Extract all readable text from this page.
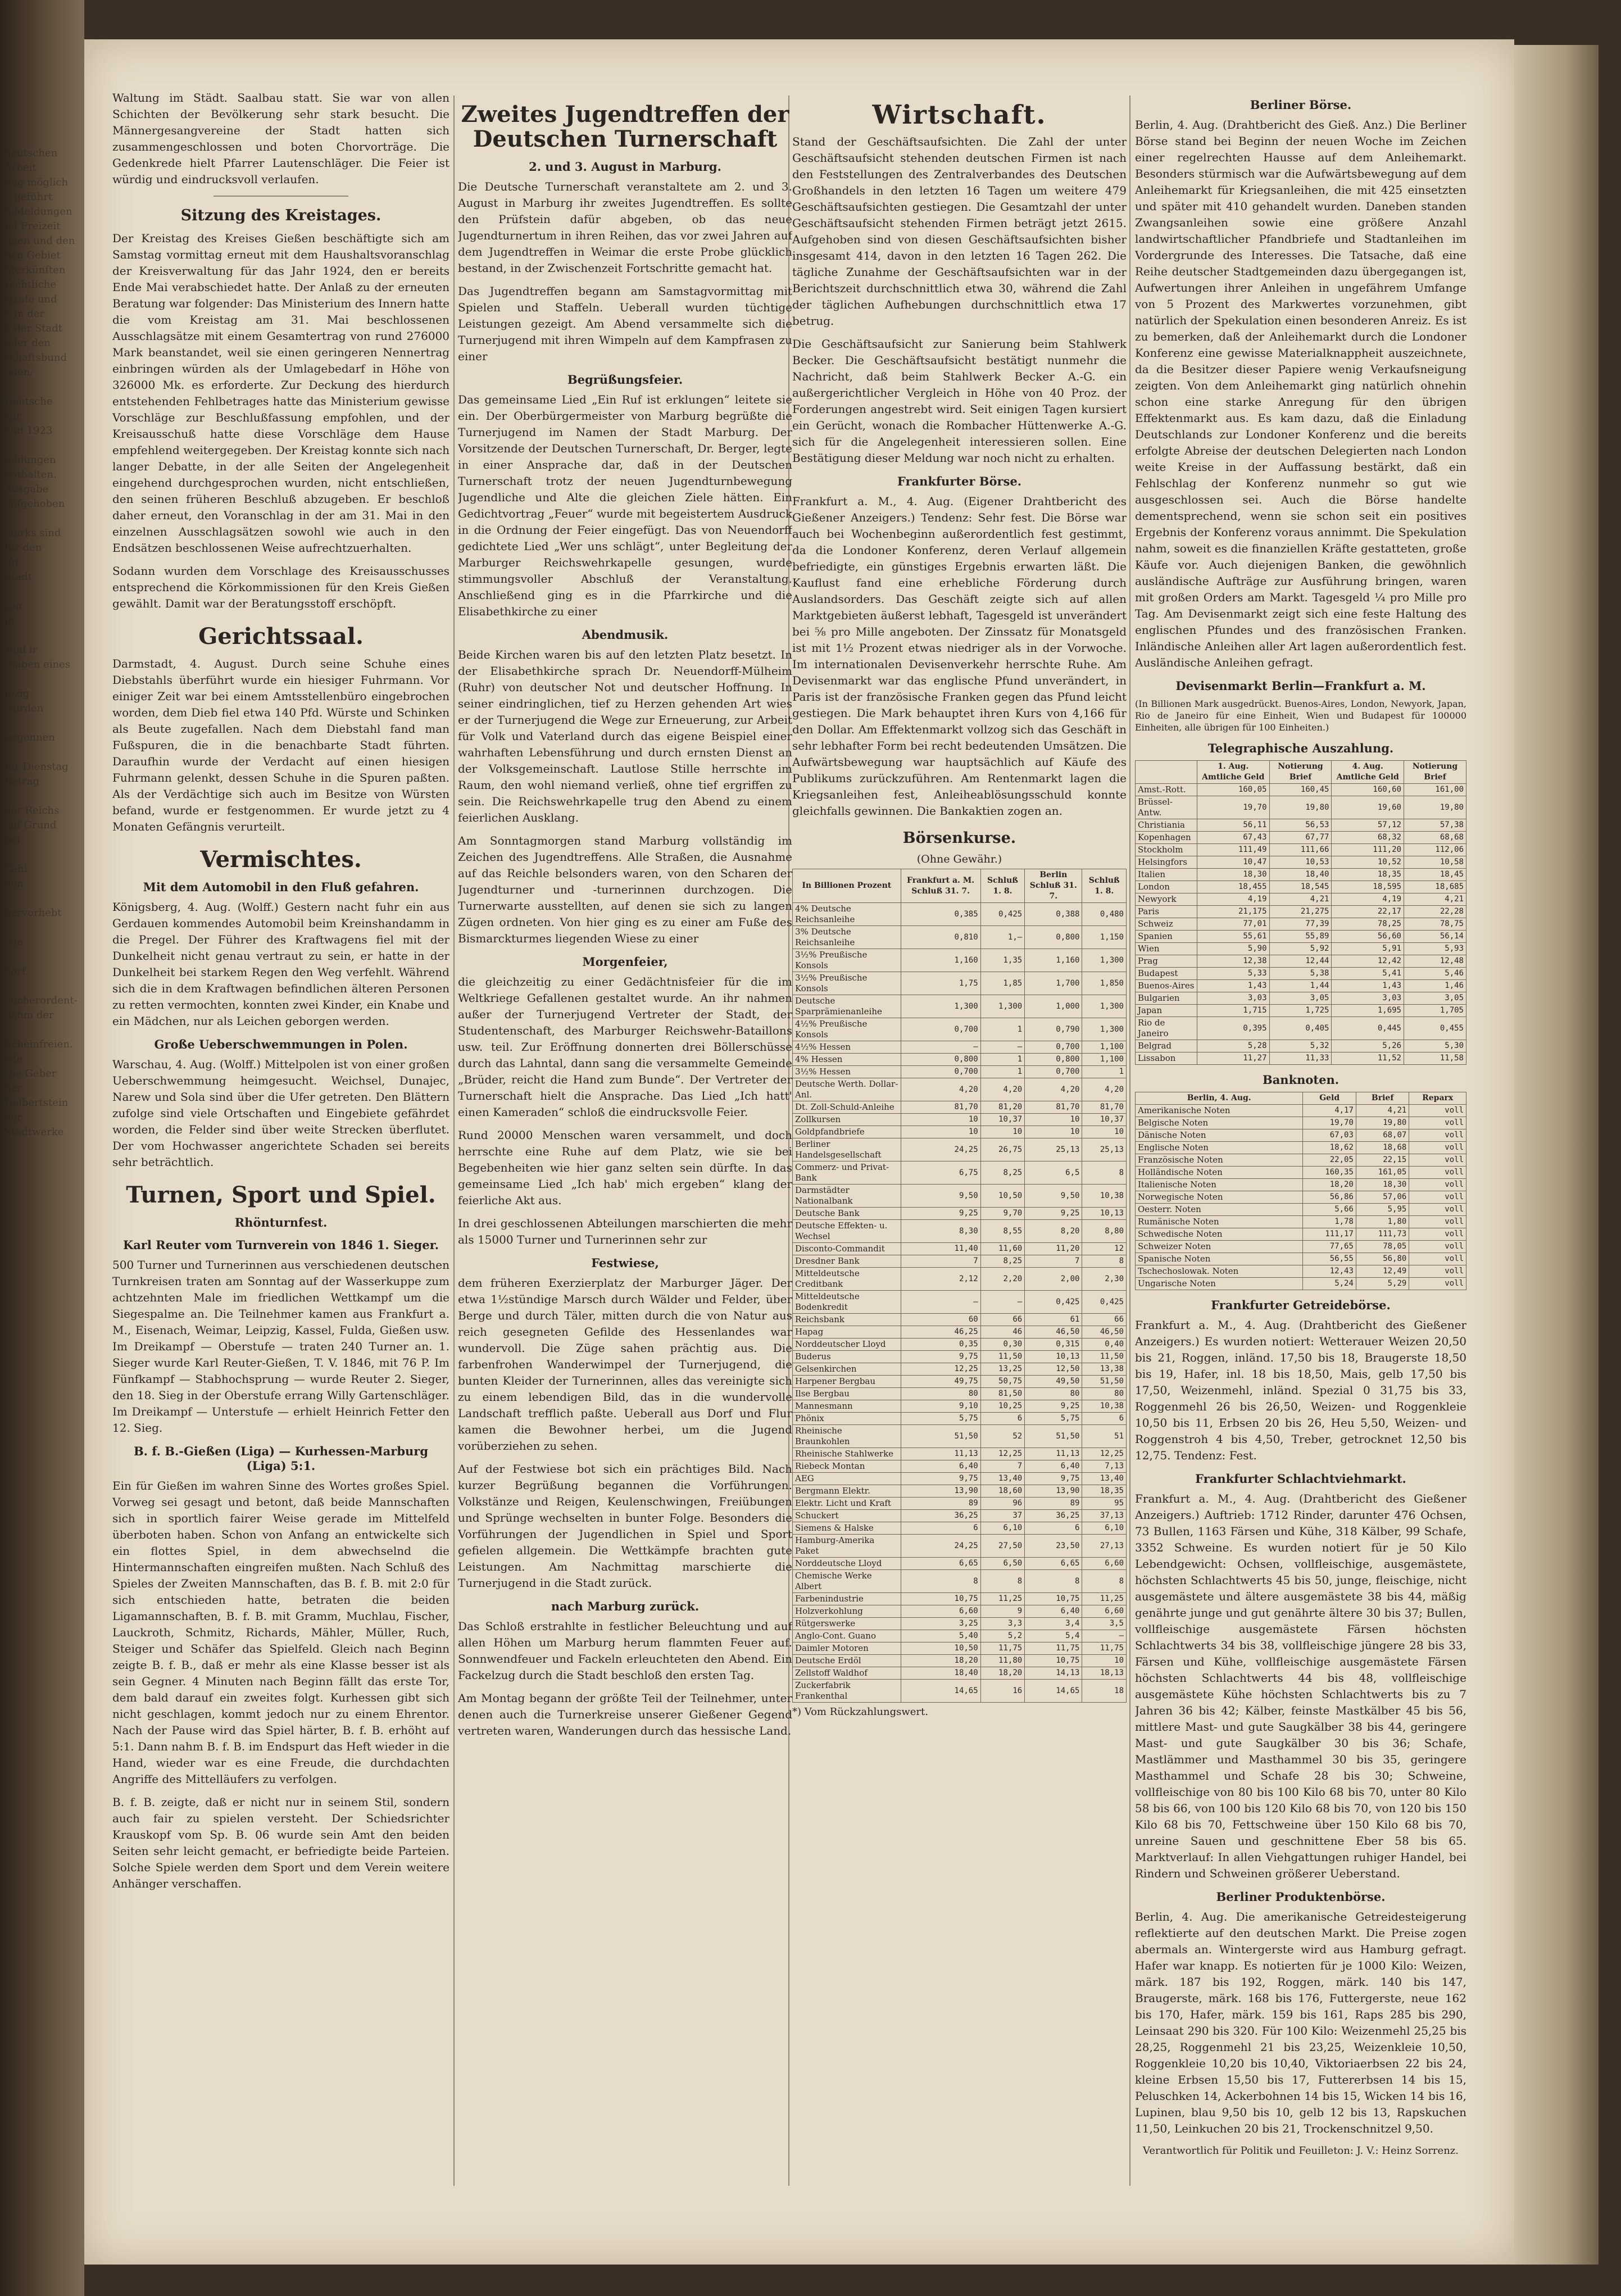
deutschen Arbeit
ung möglich
n geführt
d Meldungen
nd Freizeit
nnen und den
nen Gebiet
nterkünften
rechtliche
strafe und
n in der
n der Stadt
nder den
schaftsbund
nden.

Deutsche
zur
and 1923

feldungen
enthalten.
Ausgabe
aufgehoben

marks sind
für den
für
Stadt

sen
in

sind ir
thaben eines

inzig
wurden

begonnen

für Dienstag
Betrag

der Reichs
auf Grund
bei

Zahl
den

hervorhebt

age

dorf

aucherordent-
nahm der

Scheinfreien.
wie
Die Geber
der Delbertstein
der Stadtwerke

Waltung im Städt. Saalbau statt. Sie war von allen Schichten der Bevölkerung sehr stark besucht. Die Männergesangvereine der Stadt hatten sich zusammengeschlossen und boten Chorvorträge. Die Gedenkrede hielt Pfarrer Lautenschläger. Die Feier ist würdig und eindrucksvoll verlaufen.

Sitzung des Kreistages.

Der Kreistag des Kreises Gießen beschäftigte sich am Samstag vormittag erneut mit dem Haushaltsvoranschlag der Kreisverwaltung für das Jahr 1924, den er bereits Ende Mai verabschiedet hatte. Der Anlaß zu der erneuten Beratung war folgender: Das Ministerium des Innern hatte die vom Kreistag am 31. Mai beschlossenen Ausschlagsätze mit einem Gesamtertrag von rund 276000 Mark beanstandet, weil sie einen geringeren Nennertrag einbringen würden als der Umlagebedarf in Höhe von 326000 Mk. es erforderte. Zur Deckung des hierdurch entstehenden Fehlbetrages hatte das Ministerium gewisse Vorschläge zur Beschlußfassung empfohlen, und der Kreisausschuß hatte diese Vorschläge dem Hause empfehlend weitergegeben. Der Kreistag konnte sich nach langer Debatte, in der alle Seiten der Angelegenheit eingehend durchgesprochen wurden, nicht entschließen, den seinen früheren Beschluß abzugeben. Er beschloß daher erneut, den Voranschlag in der am 31. Mai in den einzelnen Ausschlagsätzen sowohl wie auch in den Endsätzen beschlossenen Weise aufrechtzuerhalten.

Sodann wurden dem Vorschlage des Kreisausschusses entsprechend die Körkommissionen für den Kreis Gießen gewählt. Damit war der Beratungsstoff erschöpft.

Gerichtssaal.

Darmstadt, 4. August. Durch seine Schuhe eines Diebstahls überführt wurde ein hiesiger Fuhrmann. Vor einiger Zeit war bei einem Amtsstellenbüro eingebrochen worden, dem Dieb fiel etwa 140 Pfd. Würste und Schinken als Beute zugefallen. Nach dem Diebstahl fand man Fußspuren, die in die benachbarte Stadt führten. Daraufhin wurde der Verdacht auf einen hiesigen Fuhrmann gelenkt, dessen Schuhe in die Spuren paßten. Als der Verdächtige sich auch im Besitze von Würsten befand, wurde er festgenommen. Er wurde jetzt zu 4 Monaten Gefängnis verurteilt.

Vermischtes.
Mit dem Automobil in den Fluß gefahren.

Königsberg, 4. Aug. (Wolff.) Gestern nacht fuhr ein aus Gerdauen kommendes Automobil beim Kreinshandamm in die Pregel. Der Führer des Kraftwagens fiel mit der Dunkelheit nicht genau vertraut zu sein, er hatte in der Dunkelheit bei starkem Regen den Weg verfehlt. Während sich die in dem Kraftwagen befindlichen älteren Personen zu retten vermochten, konnten zwei Kinder, ein Knabe und ein Mädchen, nur als Leichen geborgen werden.

Große Ueberschwemmungen in Polen.

Warschau, 4. Aug. (Wolff.) Mittelpolen ist von einer großen Ueberschwemmung heimgesucht. Weichsel, Dunajec, Narew und Sola sind über die Ufer getreten. Den Blättern zufolge sind viele Ortschaften und Eingebiete gefährdet worden, die Felder sind über weite Strecken überflutet. Der vom Hochwasser angerichtete Schaden sei bereits sehr beträchtlich.

Turnen, Sport und Spiel.
Rhönturnfest.
Karl Reuter vom Turnverein von 1846 1. Sieger.

500 Turner und Turnerinnen aus verschiedenen deutschen Turnkreisen traten am Sonntag auf der Wasserkuppe zum achtzehnten Male im friedlichen Wettkampf um die Siegespalme an. Die Teilnehmer kamen aus Frankfurt a. M., Eisenach, Weimar, Leipzig, Kassel, Fulda, Gießen usw. Im Dreikampf — Oberstufe — traten 240 Turner an. 1. Sieger wurde Karl Reuter-Gießen, T. V. 1846, mit 76 P. Im Fünfkampf — Stabhochsprung — wurde Reuter 2. Sieger, den 18. Sieg in der Oberstufe errang Willy Gartenschläger. Im Dreikampf — Unterstufe — erhielt Heinrich Fetter den 12. Sieg.

B. f. B.-Gießen (Liga) — Kurhessen-Marburg (Liga) 5:1.

Ein für Gießen im wahren Sinne des Wortes großes Spiel. Vorweg sei gesagt und betont, daß beide Mannschaften sich in sportlich fairer Weise gerade im Mittelfeld überboten haben. Schon von Anfang an entwickelte sich ein flottes Spiel, in dem abwechselnd die Hintermannschaften eingreifen mußten. Nach Schluß des Spieles der Zweiten Mannschaften, das B. f. B. mit 2:0 für sich entschieden hatte, betraten die beiden Ligamannschaften, B. f. B. mit Gramm, Muchlau, Fischer, Lauckroth, Schmitz, Richards, Mähler, Müller, Ruch, Steiger und Schäfer das Spielfeld. Gleich nach Beginn zeigte B. f. B., daß er mehr als eine Klasse besser ist als sein Gegner. 4 Minuten nach Beginn fällt das erste Tor, dem bald darauf ein zweites folgt. Kurhessen gibt sich nicht geschlagen, kommt jedoch nur zu einem Ehrentor. Nach der Pause wird das Spiel härter, B. f. B. erhöht auf 5:1. Dann nahm B. f. B. im Endspurt das Heft wieder in die Hand, wieder war es eine Freude, die durchdachten Angriffe des Mittelläufers zu verfolgen.

B. f. B. zeigte, daß er nicht nur in seinem Stil, sondern auch fair zu spielen versteht. Der Schiedsrichter Krauskopf vom Sp. B. 06 wurde sein Amt den beiden Seiten sehr leicht gemacht, er befriedigte beide Parteien. Solche Spiele werden dem Sport und dem Verein weitere Anhänger verschaffen.

Zweites Jugendtreffen der Deutschen Turnerschaft
2. und 3. August in Marburg.

Die Deutsche Turnerschaft veranstaltete am 2. und 3. August in Marburg ihr zweites Jugendtreffen. Es sollte den Prüfstein dafür abgeben, ob das neue Jugendturnertum in ihren Reihen, das vor zwei Jahren auf dem Jugendtreffen in Weimar die erste Probe glücklich bestand, in der Zwischenzeit Fortschritte gemacht hat.

Das Jugendtreffen begann am Samstagvormittag mit Spielen und Staffeln. Ueberall wurden tüchtige Leistungen gezeigt. Am Abend versammelte sich die Turnerjugend mit ihren Wimpeln auf dem Kampfrasen zu einer

Begrüßungsfeier.

Das gemeinsame Lied „Ein Ruf ist erklungen“ leitete sie ein. Der Oberbürgermeister von Marburg begrüßte die Turnerjugend im Namen der Stadt Marburg. Der Vorsitzende der Deutschen Turnerschaft, Dr. Berger, legte in einer Ansprache dar, daß in der Deutschen Turnerschaft trotz der neuen Jugendturnbewegung Jugendliche und Alte die gleichen Ziele hätten. Ein Gedichtvortrag „Feuer“ wurde mit begeistertem Ausdruck in die Ordnung der Feier eingefügt. Das von Neuendorff gedichtete Lied „Wer uns schlägt“, unter Begleitung der Marburger Reichswehrkapelle gesungen, wurde stimmungsvoller Abschluß der Veranstaltung. Anschließend ging es in die Pfarrkirche und die Elisabethkirche zu einer

Abendmusik.

Beide Kirchen waren bis auf den letzten Platz besetzt. In der Elisabethkirche sprach Dr. Neuendorff-Mülheim (Ruhr) von deutscher Not und deutscher Hoffnung. In seiner eindringlichen, tief zu Herzen gehenden Art wies er der Turnerjugend die Wege zur Erneuerung, zur Arbeit für Volk und Vaterland durch das eigene Beispiel einer wahrhaften Lebensführung und durch ernsten Dienst an der Volksgemeinschaft. Lautlose Stille herrschte im Raum, den wohl niemand verließ, ohne tief ergriffen zu sein. Die Reichswehrkapelle trug den Abend zu einem feierlichen Ausklang.

Am Sonntagmorgen stand Marburg vollständig im Zeichen des Jugendtreffens. Alle Straßen, die Ausnahme auf das Reichle belsonders waren, von den Scharen der Jugendturner und -turnerinnen durchzogen. Die Turnerwarte ausstellten, auf denen sie sich zu langen Zügen ordneten. Von hier ging es zu einer am Fuße des Bismarckturmes liegenden Wiese zu einer

Morgenfeier,

die gleichzeitig zu einer Gedächtnisfeier für die im Weltkriege Gefallenen gestaltet wurde. An ihr nahmen außer der Turnerjugend Vertreter der Stadt, der Studentenschaft, des Marburger Reichswehr-Bataillons usw. teil. Zur Eröffnung donnerten drei Böllerschüsse durch das Lahntal, dann sang die versammelte Gemeinde „Brüder, reicht die Hand zum Bunde“. Der Vertreter der Turnerschaft hielt die Ansprache. Das Lied „Ich hatt' einen Kameraden“ schloß die eindrucksvolle Feier.

Rund 20000 Menschen waren versammelt, und doch herrschte eine Ruhe auf dem Platz, wie sie bei Begebenheiten wie hier ganz selten sein dürfte. In das gemeinsame Lied „Ich hab' mich ergeben“ klang der feierliche Akt aus.

In drei geschlossenen Abteilungen marschierten die mehr als 15000 Turner und Turnerinnen sehr zur

Festwiese,

dem früheren Exerzierplatz der Marburger Jäger. Der etwa 1½stündige Marsch durch Wälder und Felder, über Berge und durch Täler, mitten durch die von Natur aus reich gesegneten Gefilde des Hessenlandes war wundervoll. Die Züge sahen prächtig aus. Die farbenfrohen Wanderwimpel der Turnerjugend, die bunten Kleider der Turnerinnen, alles das vereinigte sich zu einem lebendigen Bild, das in die wundervolle Landschaft trefflich paßte. Ueberall aus Dorf und Flur kamen die Bewohner herbei, um die Jugend vorüberziehen zu sehen.

Auf der Festwiese bot sich ein prächtiges Bild. Nach kurzer Begrüßung begannen die Vorführungen. Volkstänze und Reigen, Keulenschwingen, Freiübungen und Sprünge wechselten in bunter Folge. Besonders die Vorführungen der Jugendlichen in Spiel und Sport gefielen allgemein. Die Wettkämpfe brachten gute Leistungen. Am Nachmittag marschierte die Turnerjugend in die Stadt zurück.

nach Marburg zurück.

Das Schloß erstrahlte in festlicher Beleuchtung und auf allen Höhen um Marburg herum flammten Feuer auf. Sonnwendfeuer und Fackeln erleuchteten den Abend. Ein Fackelzug durch die Stadt beschloß den ersten Tag.

Am Montag begann der größte Teil der Teilnehmer, unter denen auch die Turnerkreise unserer Gießener Gegend vertreten waren, Wanderungen durch das hessische Land.

Wirtschaft.

Stand der Geschäftsaufsichten. Die Zahl der unter Geschäftsaufsicht stehenden deutschen Firmen ist nach den Feststellungen des Zentralverbandes des Deutschen Großhandels in den letzten 16 Tagen um weitere 479 Geschäftsaufsichten gestiegen. Die Gesamtzahl der unter Geschäftsaufsicht stehenden Firmen beträgt jetzt 2615. Aufgehoben sind von diesen Geschäftsaufsichten bisher insgesamt 414, davon in den letzten 16 Tagen 262. Die tägliche Zunahme der Geschäftsaufsichten war in der Berichtszeit durchschnittlich etwa 30, während die Zahl der täglichen Aufhebungen durchschnittlich etwa 17 betrug.

Die Geschäftsaufsicht zur Sanierung beim Stahlwerk Becker. Die Geschäftsaufsicht bestätigt nunmehr die Nachricht, daß beim Stahlwerk Becker A.-G. ein außergerichtlicher Vergleich in Höhe von 40 Proz. der Forderungen angestrebt wird. Seit einigen Tagen kursiert ein Gerücht, wonach die Rombacher Hüttenwerke A.-G. sich für die Angelegenheit interessieren sollen. Eine Bestätigung dieser Meldung war noch nicht zu erhalten.

Frankfurter Börse.

Frankfurt a. M., 4. Aug. (Eigener Drahtbericht des Gießener Anzeigers.) Tendenz: Sehr fest. Die Börse war auch bei Wochenbeginn außerordentlich fest gestimmt, da die Londoner Konferenz, deren Verlauf allgemein befriedigte, ein günstiges Ergebnis erwarten läßt. Die Kauflust fand eine erhebliche Förderung durch Auslandsorders. Das Geschäft zeigte sich auf allen Marktgebieten äußerst lebhaft, Tagesgeld ist unverändert bei ⅝ pro Mille angeboten. Der Zinssatz für Monatsgeld ist mit 1½ Prozent etwas niedriger als in der Vorwoche. Im internationalen Devisenverkehr herrschte Ruhe. Am Devisenmarkt war das englische Pfund unverändert, in Paris ist der französische Franken gegen das Pfund leicht gestiegen. Die Mark behauptet ihren Kurs von 4,166 für den Dollar. Am Effektenmarkt vollzog sich das Geschäft in sehr lebhafter Form bei recht bedeutenden Umsätzen. Die Aufwärtsbewegung war hauptsächlich auf Käufe des Publikums zurückzuführen. Am Rentenmarkt lagen die Kriegsanleihen fest, Anleiheablösungsschuld konnte gleichfalls gewinnen. Die Bankaktien zogen an.

Börsenkurse.
(Ohne Gewähr.)
In Billionen Prozent	Frankfurt a. M. Schluß 31. 7.	Schluß 1. 8.	Berlin Schluß 31. 7.	Schluß 1. 8.
4% Deutsche Reichsanleihe	0,385	0,425	0,388	0,480
3% Deutsche Reichsanleihe	0,810	1,–	0,800	1,150
3½% Preußische Konsols	1,160	1,35	1,160	1,300
3½% Preußische Konsols	1,75	1,85	1,700	1,850
Deutsche Sparprämienanleihe	1,300	1,300	1,000	1,300
4½% Preußische Konsols	0,700	1	0,790	1,300
4½% Hessen	–	–	0,700	1,100
4% Hessen	0,800	1	0,800	1,100
3½% Hessen	0,700	1	0,700	1
Deutsche Werth. Dollar-Anl.	4,20	4,20	4,20	4,20
Dt. Zoll-Schuld-Anleihe	81,70	81,20	81,70	81,70
Zollkursen	10	10,37	10	10,37
Goldpfandbriefe	10	10	10	10
Berliner Handelsgesellschaft	24,25	26,75	25,13	25,13
Commerz- und Privat-Bank	6,75	8,25	6,5	8
Darmstädter Nationalbank	9,50	10,50	9,50	10,38
Deutsche Bank	9,25	9,70	9,25	10,13
Deutsche Effekten- u. Wechsel	8,30	8,55	8,20	8,80
Disconto-Commandit	11,40	11,60	11,20	12
Dresdner Bank	7	8,25	7	8
Mitteldeutsche Creditbank	2,12	2,20	2,00	2,30
Mitteldeutsche Bodenkredit	–	–	0,425	0,425
Reichsbank	60	66	61	66
Hapag	46,25	46	46,50	46,50
Norddeutscher Lloyd	0,35	0,30	0,315	0,40
Buderus	9,75	11,50	10,13	11,50
Gelsenkirchen	12,25	13,25	12,50	13,38
Harpener Bergbau	49,75	50,75	49,50	51,50
Ilse Bergbau	80	81,50	80	80
Mannesmann	9,10	10,25	9,25	10,38
Phönix	5,75	6	5,75	6
Rheinische Braunkohlen	51,50	52	51,50	51
Rheinische Stahlwerke	11,13	12,25	11,13	12,25
Riebeck Montan	6,40	7	6,40	7,13
AEG	9,75	13,40	9,75	13,40
Bergmann Elektr.	13,90	18,60	13,90	18,35
Elektr. Licht und Kraft	89	96	89	95
Schuckert	36,25	37	36,25	37,13
Siemens & Halske	6	6,10	6	6,10
Hamburg-Amerika Paket	24,25	27,50	23,50	27,13
Norddeutsche Lloyd	6,65	6,50	6,65	6,60
Chemische Werke Albert	8	8	8	8
Farbenindustrie	10,75	11,25	10,75	11,25
Holzverkohlung	6,60	9	6,40	6,60
Rütgerswerke	3,25	3,3	3,4	3,5
Anglo-Cont. Guano	5,40	5,2	5,4	–
Daimler Motoren	10,50	11,75	11,75	11,75
Deutsche Erdöl	18,20	11,80	10,75	10
Zellstoff Waldhof	18,40	18,20	14,13	18,13
Zuckerfabrik Frankenthal	14,65	16	14,65	18
*) Vom Rückzahlungswert.
Berliner Börse.

Berlin, 4. Aug. (Drahtbericht des Gieß. Anz.) Die Berliner Börse stand bei Beginn der neuen Woche im Zeichen einer regelrechten Hausse auf dem Anleihemarkt. Besonders stürmisch war die Aufwärtsbewegung auf dem Anleihemarkt für Kriegsanleihen, die mit 425 einsetzten und später mit 410 gehandelt wurden. Daneben standen Zwangsanleihen sowie eine größere Anzahl landwirtschaftlicher Pfandbriefe und Stadtanleihen im Vordergrunde des Interesses. Die Tatsache, daß eine Reihe deutscher Stadtgemeinden dazu übergegangen ist, Aufwertungen ihrer Anleihen in ungefährem Umfange von 5 Prozent des Markwertes vorzunehmen, gibt natürlich der Spekulation einen besonderen Anreiz. Es ist zu bemerken, daß der Anleihemarkt durch die Londoner Konferenz eine gewisse Materialknappheit auszeichnete, da die Besitzer dieser Papiere wenig Verkaufsneigung zeigten. Von dem Anleihemarkt ging natürlich ohnehin schon eine starke Anregung für den übrigen Effektenmarkt aus. Es kam dazu, daß die Einladung Deutschlands zur Londoner Konferenz und die bereits erfolgte Abreise der deutschen Delegierten nach London weite Kreise in der Auffassung bestärkt, daß ein Fehlschlag der Konferenz nunmehr so gut wie ausgeschlossen sei. Auch die Börse handelte dementsprechend, wenn sie schon seit ein positives Ergebnis der Konferenz voraus annimmt. Die Spekulation nahm, soweit es die finanziellen Kräfte gestatteten, große Käufe vor. Auch diejenigen Banken, die gewöhnlich ausländische Aufträge zur Ausführung bringen, waren mit großen Orders am Markt. Tagesgeld ¼ pro Mille pro Tag. Am Devisenmarkt zeigt sich eine feste Haltung des englischen Pfundes und des französischen Franken. Inländische Anleihen aller Art lagen außerordentlich fest. Ausländische Anleihen gefragt.

Devisenmarkt Berlin—Frankfurt a. M.

(In Billionen Mark ausgedrückt. Buenos-Aires, London, Newyork, Japan, Rio de Janeiro für eine Einheit, Wien und Budapest für 100000 Einheiten, alle übrigen für 100 Einheiten.)

Telegraphische Auszahlung.
	1. Aug. Amtliche Geld	Notierung Brief	4. Aug. Amtliche Geld	Notierung Brief
Amst.-Rott.	160,05	160,45	160,60	161,00
Brüssel-Antw.	19,70	19,80	19,60	19,80
Christiania	56,11	56,53	57,12	57,38
Kopenhagen	67,43	67,77	68,32	68,68
Stockholm	111,49	111,66	111,20	112,06
Helsingfors	10,47	10,53	10,52	10,58
Italien	18,30	18,40	18,35	18,45
London	18,455	18,545	18,595	18,685
Newyork	4,19	4,21	4,19	4,21
Paris	21,175	21,275	22,17	22,28
Schweiz	77,01	77,39	78,25	78,75
Spanien	55,61	55,89	56,60	56,14
Wien	5,90	5,92	5,91	5,93
Prag	12,38	12,44	12,42	12,48
Budapest	5,33	5,38	5,41	5,46
Buenos-Aires	1,43	1,44	1,43	1,46
Bulgarien	3,03	3,05	3,03	3,05
Japan	1,715	1,725	1,695	1,705
Rio de Janeiro	0,395	0,405	0,445	0,455
Belgrad	5,28	5,32	5,26	5,30
Lissabon	11,27	11,33	11,52	11,58
Banknoten.
Berlin, 4. Aug.	Geld	Brief	Reparx
Amerikanische Noten	4,17	4,21	voll
Belgische Noten	19,70	19,80	voll
Dänische Noten	67,03	68,07	voll
Englische Noten	18,62	18,68	voll
Französische Noten	22,05	22,15	voll
Holländische Noten	160,35	161,05	voll
Italienische Noten	18,20	18,30	voll
Norwegische Noten	56,86	57,06	voll
Oesterr. Noten	5,66	5,95	voll
Rumänische Noten	1,78	1,80	voll
Schwedische Noten	111,17	111,73	voll
Schweizer Noten	77,65	78,05	voll
Spanische Noten	56,55	56,80	voll
Tschechoslowak. Noten	12,43	12,49	voll
Ungarische Noten	5,24	5,29	voll
Frankfurter Getreidebörse.

Frankfurt a. M., 4. Aug. (Drahtbericht des Gießener Anzeigers.) Es wurden notiert: Wetterauer Weizen 20,50 bis 21, Roggen, inländ. 17,50 bis 18, Braugerste 18,50 bis 19, Hafer, inl. 18 bis 18,50, Mais, gelb 17,50 bis 17,50, Weizenmehl, inländ. Spezial 0 31,75 bis 33, Roggenmehl 26 bis 26,50, Weizen- und Roggenkleie 10,50 bis 11, Erbsen 20 bis 26, Heu 5,50, Weizen- und Roggenstroh 4 bis 4,50, Treber, getrocknet 12,50 bis 12,75. Tendenz: Fest.

Frankfurter Schlachtviehmarkt.

Frankfurt a. M., 4. Aug. (Drahtbericht des Gießener Anzeigers.) Auftrieb: 1712 Rinder, darunter 476 Ochsen, 73 Bullen, 1163 Färsen und Kühe, 318 Kälber, 99 Schafe, 3352 Schweine. Es wurden notiert für je 50 Kilo Lebendgewicht: Ochsen, vollfleischige, ausgemästete, höchsten Schlachtwerts 45 bis 50, junge, fleischige, nicht ausgemästete und ältere ausgemästete 38 bis 44, mäßig genährte junge und gut genährte ältere 30 bis 37; Bullen, vollfleischige ausgemästete Färsen höchsten Schlachtwerts 34 bis 38, vollfleischige jüngere 28 bis 33, Färsen und Kühe, vollfleischige ausgemästete Färsen höchsten Schlachtwerts 44 bis 48, vollfleischige ausgemästete Kühe höchsten Schlachtwerts bis zu 7 Jahren 36 bis 42; Kälber, feinste Mastkälber 45 bis 56, mittlere Mast- und gute Saugkälber 38 bis 44, geringere Mast- und gute Saugkälber 30 bis 36; Schafe, Mastlämmer und Masthammel 30 bis 35, geringere Masthammel und Schafe 28 bis 30; Schweine, vollfleischige von 80 bis 100 Kilo 68 bis 70, unter 80 Kilo 58 bis 66, von 100 bis 120 Kilo 68 bis 70, von 120 bis 150 Kilo 68 bis 70, Fettschweine über 150 Kilo 68 bis 70, unreine Sauen und geschnittene Eber 58 bis 65. Marktverlauf: In allen Viehgattungen ruhiger Handel, bei Rindern und Schweinen größerer Ueberstand.

Berliner Produktenbörse.

Berlin, 4. Aug. Die amerikanische Getreidesteigerung reflektierte auf den deutschen Markt. Die Preise zogen abermals an. Wintergerste wird aus Hamburg gefragt. Hafer war knapp. Es notierten für je 1000 Kilo: Weizen, märk. 187 bis 192, Roggen, märk. 140 bis 147, Braugerste, märk. 168 bis 176, Futtergerste, neue 162 bis 170, Hafer, märk. 159 bis 161, Raps 285 bis 290, Leinsaat 290 bis 320. Für 100 Kilo: Weizenmehl 25,25 bis 28,25, Roggenmehl 21 bis 23,25, Weizenkleie 10,50, Roggenkleie 10,20 bis 10,40, Viktoriaerbsen 22 bis 24, kleine Erbsen 15,50 bis 17, Futtererbsen 14 bis 15, Peluschken 14, Ackerbohnen 14 bis 15, Wicken 14 bis 16, Lupinen, blau 9,50 bis 10, gelb 12 bis 13, Rapskuchen 11,50, Leinkuchen 20 bis 21, Trockenschnitzel 9,50.

Verantwortlich für Politik und Feuilleton: J. V.: Heinz Sorrenz.
